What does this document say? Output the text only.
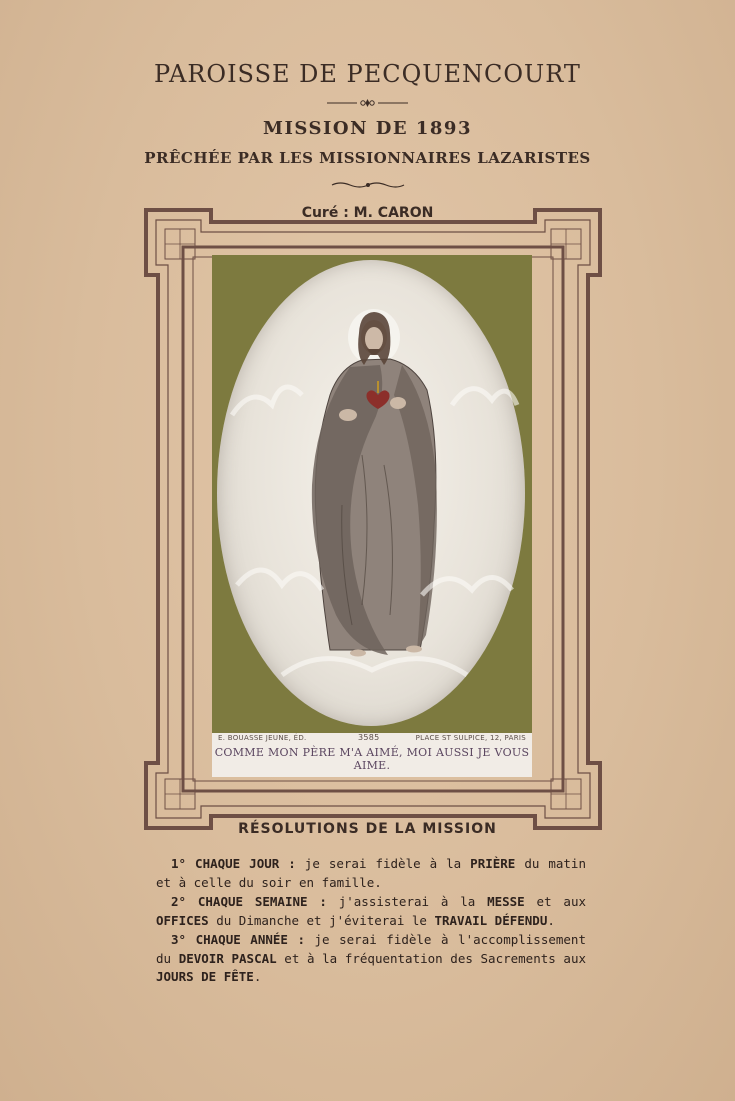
PAROISSE DE PECQUENCOURT
MISSION DE 1893
PRÊCHÉE PAR LES MISSIONNAIRES LAZARISTES
Curé : M. CARON
E. BOUASSE JEUNE, ÉD.	3585	PLACE ST SULPICE, 12, PARIS
COMME MON PÈRE M'A AIMÉ, MOI AUSSI JE VOUS AIME.
RÉSOLUTIONS DE LA MISSION

1° CHAQUE JOUR : je serai fidèle à la PRIÈRE du matin et à celle du soir en famille.

2° CHAQUE SEMAINE : j'assisterai à la MESSE et aux OFFICES du Dimanche et j'éviterai le TRAVAIL DÉFENDU.

3° CHAQUE ANNÉE : je serai fidèle à l'accomplissement du DEVOIR PASCAL et à la fréquentation des Sacrements aux JOURS DE FÊTE.
